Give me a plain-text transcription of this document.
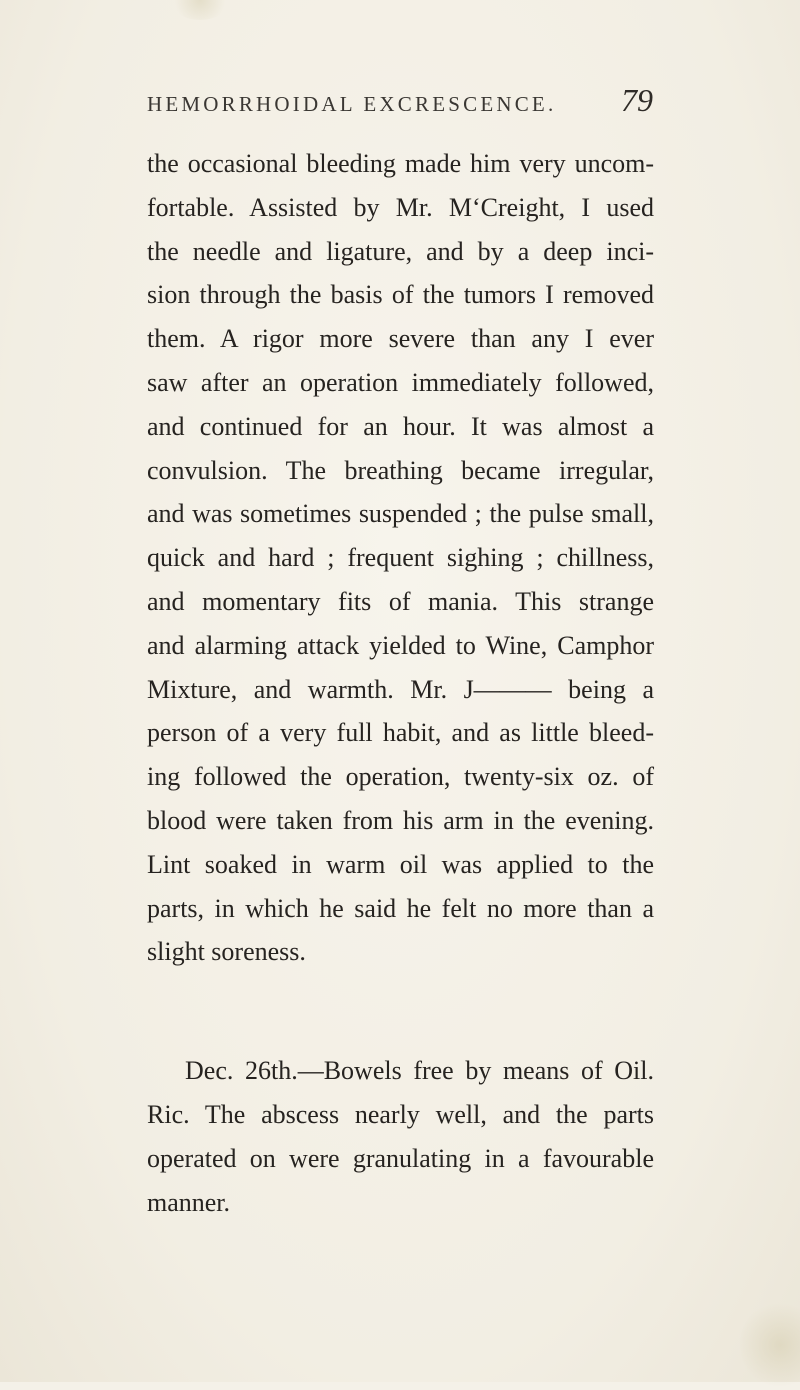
HEMORRHOIDAL EXCRESCENCE. 79
the occasional bleeding made him very uncom-
fortable. Assisted by Mr. M‘Creight, I used
the needle and ligature, and by a deep inci-
sion through the basis of the tumors I removed
them. A rigor more severe than any I ever
saw after an operation immediately followed,
and continued for an hour. It was almost a
convulsion. The breathing became irregular,
and was sometimes suspended ; the pulse small,
quick and hard ; frequent sighing ; chillness,
and momentary fits of mania. This strange
and alarming attack yielded to Wine, Camphor
Mixture, and warmth. Mr. J——— being a
person of a very full habit, and as little bleed-
ing followed the operation, twenty-six oz. of
blood were taken from his arm in the evening.
Lint soaked in warm oil was applied to the
parts, in which he said he felt no more than a
slight soreness.
Dec. 26th.—Bowels free by means of Oil.
Ric. The abscess nearly well, and the parts
operated on were granulating in a favourable
manner.
